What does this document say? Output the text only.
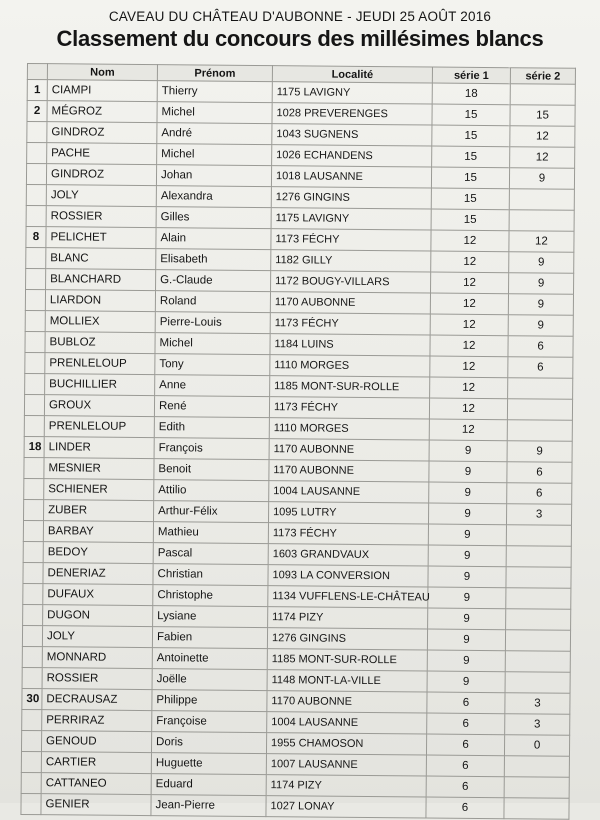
CAVEAU DU CHÂTEAU D'AUBONNE - JEUDI 25 AOÛT 2016
Classement du concours des millésimes blancs
	Nom	Prénom	Localité	série 1	série 2
1	CIAMPI	Thierry	1175 LAVIGNY	18	
2	MÉGROZ	Michel	1028 PREVERENGES	15	15
	GINDROZ	André	1043 SUGNENS	15	12
	PACHE	Michel	1026 ECHANDENS	15	12
	GINDROZ	Johan	1018 LAUSANNE	15	9
	JOLY	Alexandra	1276 GINGINS	15	
	ROSSIER	Gilles	1175 LAVIGNY	15	
8	PELICHET	Alain	1173 FÉCHY	12	12
	BLANC	Elisabeth	1182 GILLY	12	9
	BLANCHARD	G.-Claude	1172 BOUGY-VILLARS	12	9
	LIARDON	Roland	1170 AUBONNE	12	9
	MOLLIEX	Pierre-Louis	1173 FÉCHY	12	9
	BUBLOZ	Michel	1184 LUINS	12	6
	PRENLELOUP	Tony	1110 MORGES	12	6
	BUCHILLIER	Anne	1185 MONT-SUR-ROLLE	12	
	GROUX	René	1173 FÉCHY	12	
	PRENLELOUP	Edith	1110 MORGES	12	
18	LINDER	François	1170 AUBONNE	9	9
	MESNIER	Benoit	1170 AUBONNE	9	6
	SCHIENER	Attilio	1004 LAUSANNE	9	6
	ZUBER	Arthur-Félix	1095 LUTRY	9	3
	BARBAY	Mathieu	1173 FÉCHY	9	
	BEDOY	Pascal	1603 GRANDVAUX	9	
	DENERIAZ	Christian	1093 LA CONVERSION	9	
	DUFAUX	Christophe	1134 VUFFLENS-LE-CHÂTEAU	9	
	DUGON	Lysiane	1174 PIZY	9	
	JOLY	Fabien	1276 GINGINS	9	
	MONNARD	Antoinette	1185 MONT-SUR-ROLLE	9	
	ROSSIER	Joëlle	1148 MONT-LA-VILLE	9	
30	DECRAUSAZ	Philippe	1170 AUBONNE	6	3
	PERRIRAZ	Françoise	1004 LAUSANNE	6	3
	GENOUD	Doris	1955 CHAMOSON	6	0
	CARTIER	Huguette	1007 LAUSANNE	6	
	CATTANEO	Eduard	1174 PIZY	6	
	GENIER	Jean-Pierre	1027 LONAY	6	
